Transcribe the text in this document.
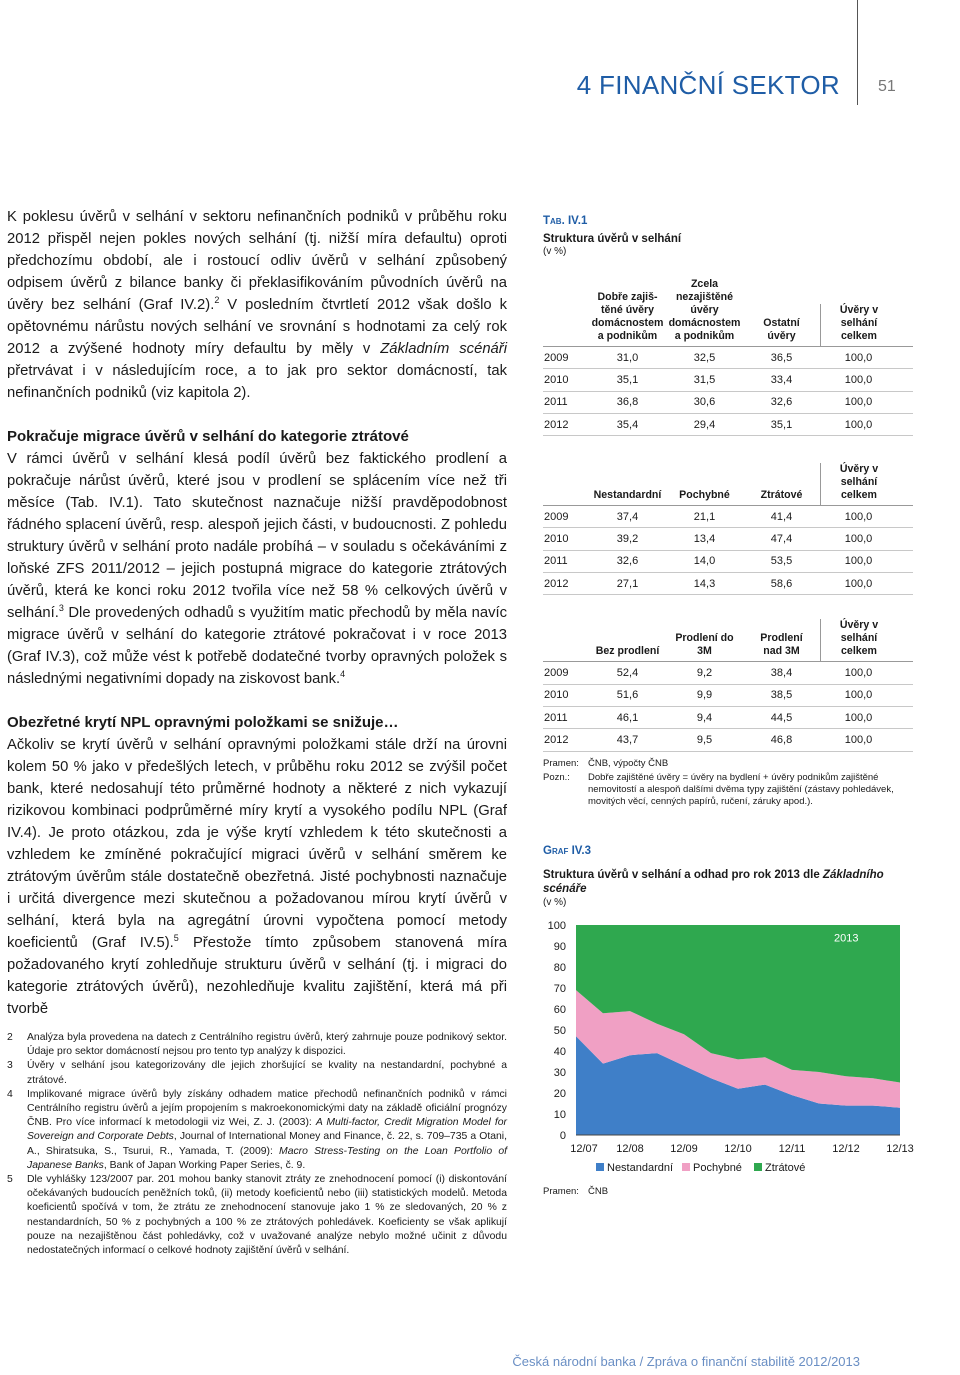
4 FINANČNÍ SEKTOR 51

K poklesu úvěrů v selhání v sektoru nefinančních podniků v průběhu roku 2012 přispěl nejen pokles nových selhání (tj. nižší míra defaultu) oproti předchozímu období, ale i rostoucí odliv úvěrů v selhání způsobený odpisem úvěrů z bilance banky či překlasifikováním původních úvěrů na úvěry bez selhání (Graf IV.2).$^2$ V posledním čtvrtletí 2012 však došlo k opětovnému nárůstu nových selhání ve srovnání s hodnotami za celý rok 2012 a zvýšené hodnoty míry defaultu by měly v Základním scénáři přetrvávat i v následujícím roce, a to jak pro sektor domácností, tak nefinančních podniků (viz kapitola 2).

Pokračuje migrace úvěrů v selhání do kategorie ztrátové

V rámci úvěrů v selhání klesá podíl úvěrů bez faktického prodlení a pokračuje nárůst úvěrů, které jsou v prodlení se splácením více než tři měsíce (Tab. IV.1). Tato skutečnost naznačuje nižší pravděpodobnost řádného splacení úvěrů, resp. alespoň jejich části, v budoucnosti. Z pohledu struktury úvěrů v selhání proto nadále probíhá – v souladu s očekáváními z loňské ZFS 2011/2012 – jejich postupná migrace do kategorie ztrátových úvěrů, která ke konci roku 2012 tvořila více než 58 % celkových úvěrů v selhání.$^3$ Dle provedených odhadů s využitím matic přechodů by měla navíc migrace úvěrů v selhání do kategorie ztrátové pokračovat i v roce 2013 (Graf IV.3), což může vést k potřebě dodatečné tvorby opravných položek s následnými negativními dopady na ziskovost bank.$^4$

Obezřetné krytí NPL opravnými položkami se snižuje…

Ačkoliv se krytí úvěrů v selhání opravnými položkami stále drží na úrovni kolem 50 % jako v předešlých letech, v průběhu roku 2012 se zvýšil počet bank, které nedosahují této průměrné hodnoty a některé z nich vykazují rizikovou kombinaci podprůměrné míry krytí a vysokého podílu NPL (Graf IV.4). Je proto otázkou, zda je výše krytí vzhledem k této skutečnosti a vzhledem ke zmíněné pokračující migraci úvěrů v selhání směrem ke ztrátovým úvěrům stále dostatečně obezřetná. Jisté pochybnosti naznačuje i určitá divergence mezi skutečnou a požadovanou mírou krytí úvěrů v selhání, která byla na agregátní úrovni vypočtena pomocí metody koeficientů (Graf IV.5).$^5$ Přestože tímto způsobem stanovená míra požadovaného krytí zohledňuje strukturu úvěrů v selhání (tj. i migraci do kategorie ztrátových úvěrů), nezohledňuje kvalitu zajištění, která má při tvorbě

2	Analýza byla provedena na datech z Centrálního registru úvěrů, který zahrnuje pouze podnikový sektor. Údaje pro sektor domácností nejsou pro tento typ analýzy k dispozici.
3	Úvěry v selhání jsou kategorizovány dle jejich zhoršující se kvality na nestandardní, pochybné a ztrátové.
4	Implikované migrace úvěrů byly získány odhadem matice přechodů nefinančních podniků v rámci Centrálního registru úvěrů a jejím propojením s makroekonomickými daty na základě oficiální prognózy ČNB. Pro více informací k metodologii viz Wei, Z. J. (2003): A Multi-factor, Credit Migration Model for Sovereign and Corporate Debts, Journal of International Money and Finance, č. 22, s. 709–735 a Otani, A., Shiratsuka, S., Tsurui, R., Yamada, T. (2009): Macro Stress-Testing on the Loan Portfolio of Japanese Banks, Bank of Japan Working Paper Series, č. 9.
5	Dle vyhlášky 123/2007 par. 201 mohou banky stanovit ztráty ze znehodnocení pomocí (i) diskontování očekávaných budoucích peněžních toků, (ii) metody koeficientů nebo (iii) statistických modelů. Metoda koeficientů spočívá v tom, že ztrátu ze znehodnocení stanovuje jako 1 % ze sledovaných, 20 % z nestandardních, 50 % z pochybných a 100 % ze ztrátových pohledávek. Koeficienty se však aplikují pouze na nezajištěnou část pohledávky, což v uvažované analýze nebylo možné učinit z důvodu nedostatečných informací o celkové hodnoty zajištění úvěrů v selhání.
Tab. IV.1
Struktura úvěrů v selhání
(v %)
Dobře zajiš-
těné úvěry
domácnostem
a podnikům
Zcela
nezajištěné
úvěry
domácnostem
a podnikům
Ostatní
úvěry
Úvěry v
selhání
celkem
2009	31,0	32,5	36,5	100,0
2010	35,1	31,5	33,4	100,0
2011	36,8	30,6	32,6	100,0
2012	35,4	29,4	35,1	100,0
Nestandardní	Pochybné	Ztrátové
Úvěry v
selhání
celkem
2009	37,4	21,1	41,4	100,0
2010	39,2	13,4	47,4	100,0
2011	32,6	14,0	53,5	100,0
2012	27,1	14,3	58,6	100,0
Bez prodlení
Prodlení do
3M
Prodlení
nad 3M
Úvěry v
selhání
celkem
2009	52,4	9,2	38,4	100,0
2010	51,6	9,9	38,5	100,0
2011	46,1	9,4	44,5	100,0
2012	43,7	9,5	46,8	100,0
Pramen: ČNB, výpočty ČNB
Pozn.:	Dobře zajištěné úvěry = úvěry na bydlení + úvěry podnikům zajištěné nemovitostí a alespoň dalšími dvěma typy zajištění (zástavy pohledávek, movitých věcí, cenných papírů, ručení, záruky apod.).
Graf IV.3
Struktura úvěrů v selhání a odhad pro rok 2013 dle Základního scénáře
(v %)
0
10
20
30
40
50
60
70
80
90
100
12/07 12/08 12/09 12/10 12/11 12/12 12/13
2013
Nestandardní Pochybné Ztrátové
Pramen: ČNB
Česká národní banka / Zpráva o finanční stabilitě 2012/2013
